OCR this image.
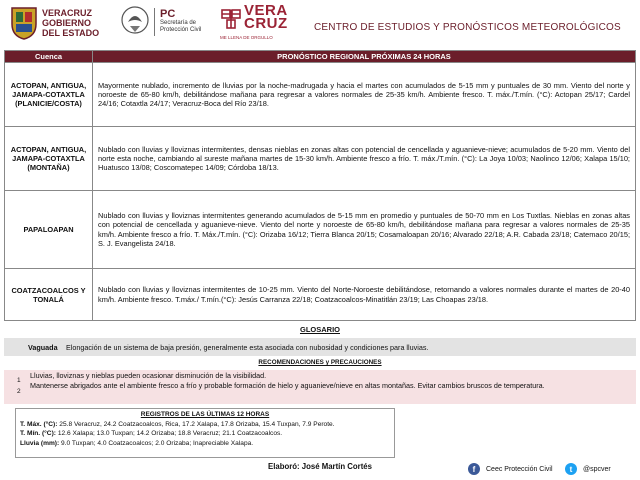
VERACRUZ
GOBIERNO
DEL ESTADO
PC
Secretaría de
Protección Civil
VERA
CRUZ
ME LLENA DE ORGULLO
CENTRO DE ESTUDIOS Y PRONÓSTICOS METEOROLÓGICOS
Cuenca	PRONÓSTICO REGIONAL PRÓXIMAS 24 HORAS
ACTOPAN, ANTIGUA, JAMAPA-COTAXTLA (PLANICIE/COSTA)	Mayormente nublado, incremento de lluvias por la noche-madrugada y hacia el martes con acumulados de 5-15 mm y puntuales de 30 mm. Viento del norte y noroeste de 65-80 km/h, debilitándose mañana para regresar a valores normales de 25-35 km/h. Ambiente fresco. T. máx./T.mín. (°C): Actopan 25/17; Cardel 24/16; Cotaxtla 24/17; Veracruz-Boca del Río 23/18.
ACTOPAN, ANTIGUA, JAMAPA-COTAXTLA (MONTAÑA)	Nublado con lluvias y lloviznas intermitentes, densas nieblas en zonas altas con potencial de cencellada y aguanieve-nieve; acumulados de 5-20 mm. Viento del norte esta noche, cambiando al sureste mañana martes de 15-30 km/h. Ambiente fresco a frío. T. máx./T.mín. (°C): La Joya 10/03; Naolinco 12/06; Xalapa 15/10; Huatusco 13/08; Coscomatepec 14/09; Córdoba 18/13.
PAPALOAPAN	Nublado con lluvias y lloviznas intermitentes generando acumulados de 5-15 mm en promedio y puntuales de 50-70 mm en Los Tuxtlas. Nieblas en zonas altas con potencial de cencellada y aguanieve-nieve. Viento del norte y noroeste de 65-80 km/h, debilitándose mañana para regresar a valores normales de 25-35 km/h. Ambiente fresco a frío. T. Máx./T.mín. (°C): Orizaba 16/12; Tierra Blanca 20/15; Cosamaloapan 20/16; Alvarado 22/18; A.R. Cabada 23/18; Catemaco 20/15; S. J. Evangelista 24/18.
COATZACOALCOS Y TONALÁ	Nublado con lluvias y lloviznas intermitentes de 10-25 mm. Viento del Norte-Noroeste debilitándose, retornando a valores normales durante el martes de 20-40 km/h. Ambiente fresco. T.máx./ T.mín.(°C): Jesús Carranza 22/18; Coatzacoalcos-Minatitlán 23/19; Las Choapas 23/18.
GLOSARIO
Vaguada Elongación de un sistema de baja presión, generalmente esta asociada con nubosidad y condiciones para lluvias.
RECOMENDACIONES y PRECAUCIONES
1
Lluvias, lloviznas y nieblas pueden ocasionar disminución de la visibilidad.
2
Mantenerse abrigados ante el ambiente fresco a frío y probable formación de hielo y aguanieve/nieve en altas montañas. Evitar cambios bruscos de temperatura.
REGISTROS DE LAS ÚLTIMAS 12 HORAS
T. Máx. (°C): 25.8 Veracruz, 24.2 Coatzacoalcos, Rica, 17.2 Xalapa, 17.8 Orizaba, 15.4 Tuxpan, 7.9 Perote.
T. Mín. (°C): 12.6 Xalapa; 13.0 Tuxpan; 14.2 Orizaba; 18.8 Veracruz; 21.1 Coatzacoalcos.
Lluvia (mm): 9.0 Tuxpan; 4.0 Coatzacoalcos; 2.0 Orizaba; Inapreciable Xalapa.
Elaboró: José Martín Cortés	f	Ceec Protección Civil	t	@spcver
